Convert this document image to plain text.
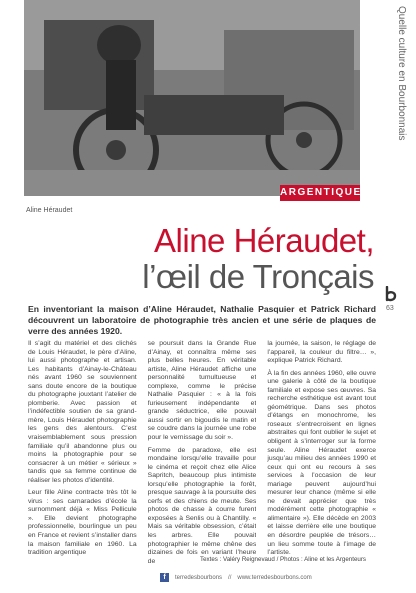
ARGENTIQUE
Aline Héraudet
Quelle culture en Bourbonnais
63
Aline Héraudet,
l’œil de Tronçais
En inventoriant la maison d’Aline Héraudet, Nathalie Pasquier et Patrick Richard découvrent un laboratoire de photographie très ancien et une série de plaques de verre des années 1920.

Il s’agit du matériel et des clichés de Louis Héraudet, le père d’Aline, lui aussi photographe et artisan. Les habitants d’Ainay-le-Château nés avant 1960 se souviennent sans doute encore de la boutique du photographe jouxtant l’atelier de plomberie. Avec passion et l’indéfectible soutien de sa grand-mère, Louis Héraudet photographie les gens des alentours. C’est vraisemblablement sous pression familiale qu’il abandonne plus ou moins la photographie pour se consacrer à un métier « sérieux » tandis que sa femme continue de réaliser les photos d’identité.

Leur fille Aline contracte très tôt le virus : ses camarades d’école la surnomment déjà « Miss Pellicule ». Elle devient photographe professionnelle, bourlingue un peu en France et revient s’installer dans la maison familiale en 1960. La tradition argentique

se poursuit dans la Grande Rue d’Ainay, et connaîtra même ses plus belles heures. En véritable artiste, Aline Héraudet affiche une personnalité tumultueuse et complexe, comme le précise Nathalie Pasquier : « à la fois furieusement indépendante et grande séductrice, elle pouvait aussi sortir en bigoudis le matin et se coudre dans la journée une robe pour le vernissage du soir ».

Femme de paradoxe, elle est mondaine lorsqu’elle travaille pour le cinéma et reçoit chez elle Alice Sapritch, beaucoup plus intimiste lorsqu’elle photographie la forêt, presque sauvage à la poursuite des cerfs et des chiens de meute. Ses photos de chasse à courre furent exposées à Senlis ou à Chantilly. « Mais sa véritable obsession, c’était les arbres. Elle pouvait photographier le même chêne des dizaines de fois en variant l’heure de

la journée, la saison, le réglage de l’appareil, la couleur du filtre… », explique Patrick Richard.

À la fin des années 1960, elle ouvre une galerie à côté de la boutique familiale et expose ses œuvres. Sa recherche esthétique est avant tout géométrique. Dans ses photos d’étangs en monochrome, les roseaux s’entrecroisent en lignes abstraites qui font oublier le sujet et obligent à s’interroger sur la forme seule. Aline Héraudet exerce jusqu’au milieu des années 1990 et ceux qui ont eu recours à ses services à l’occasion de leur mariage peuvent aujourd’hui mesurer leur chance (même si elle ne devait apprécier que très modérément cette photographie « alimentaire »). Elle décède en 2003 et laisse derrière elle une boutique en désordre peuplée de trésors… un lieu somme toute à l’image de l’artiste.

Textes : Valéry Reignevaud / Photos : Aline et les Argenteurs
f	terredesbourbons // www.terredesbourbons.com
